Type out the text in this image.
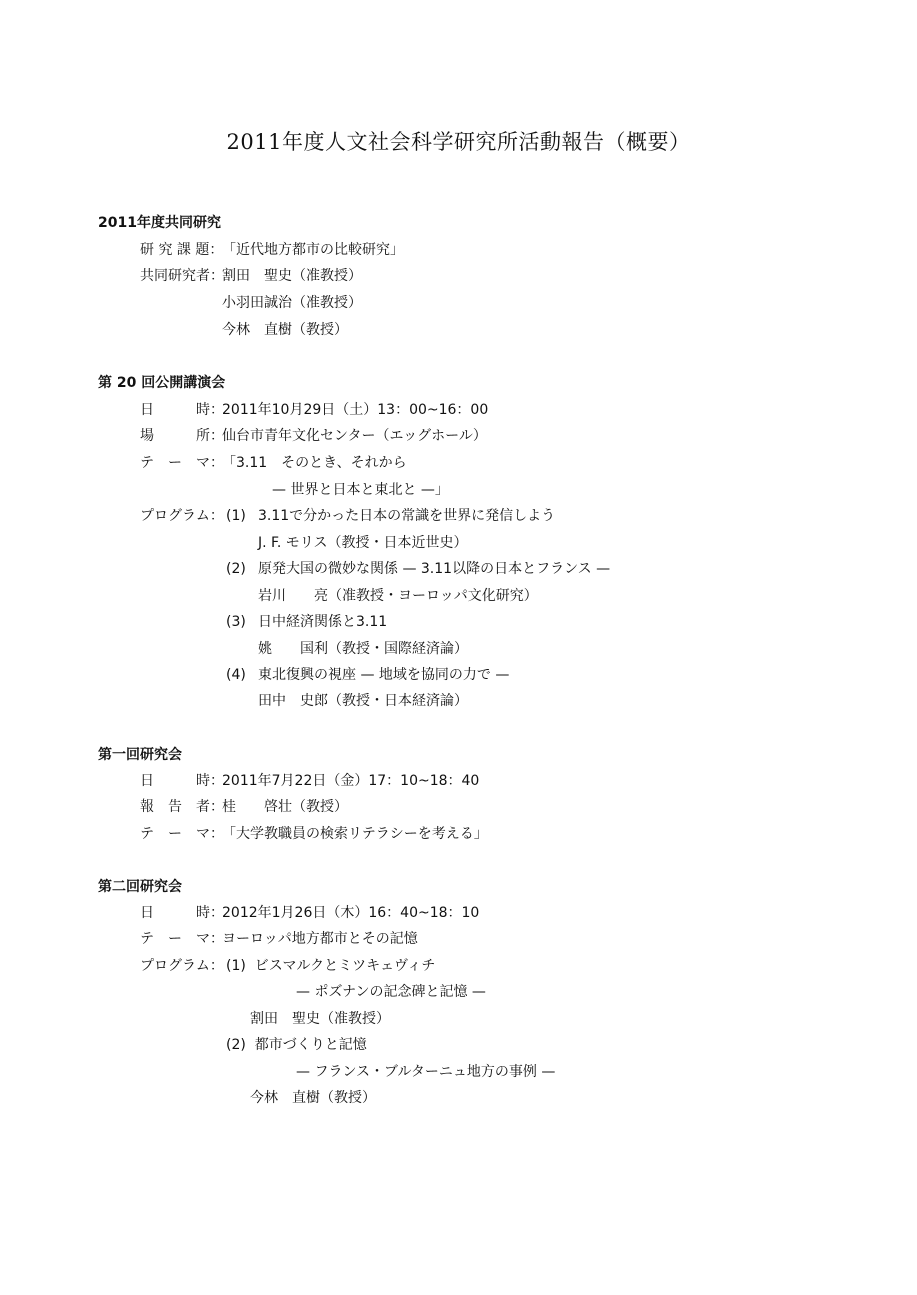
2011年度人文社会科学研究所活動報告（概要）
2011年度共同研究
研 究 課 題：
「近代地方都市の比較研究」
共同研究者：
割田　聖史（准教授）
小羽田誠治（准教授）
今林　直樹（教授）
第 20 回公開講演会
日　　　時：
2011年10月29日（土）13：00~16：00
場　　　所：
仙台市青年文化センター（エッグホール）
テ　ー　マ：
「3.11　そのとき、それから
— 世界と日本と東北と —」
プログラム： (1) 3.11で分かった日本の常識を世界に発信しよう
J. F. モリス（教授・日本近世史）
(2) 原発大国の微妙な関係 — 3.11以降の日本とフランス —
岩川　　亮（准教授・ヨーロッパ文化研究）
(3) 日中経済関係と3.11
姚　　国利（教授・国際経済論）
(4) 東北復興の視座 — 地域を協同の力で —
田中　史郎（教授・日本経済論）
第一回研究会
日　　　時：
2011年7月22日（金）17：10~18：40
報　告　者：
桂　　啓壮（教授）
テ　ー　マ：
「大学教職員の検索リテラシーを考える」
第二回研究会
日　　　時：
2012年1月26日（木）16：40~18：10
テ　ー　マ：
ヨーロッパ地方都市とその記憶
プログラム： (1)  ビスマルクとミツキェヴィチ
— ポズナンの記念碑と記憶 —
割田　聖史（准教授）
(2)  都市づくりと記憶
— フランス・ブルターニュ地方の事例 —
今林　直樹（教授）
